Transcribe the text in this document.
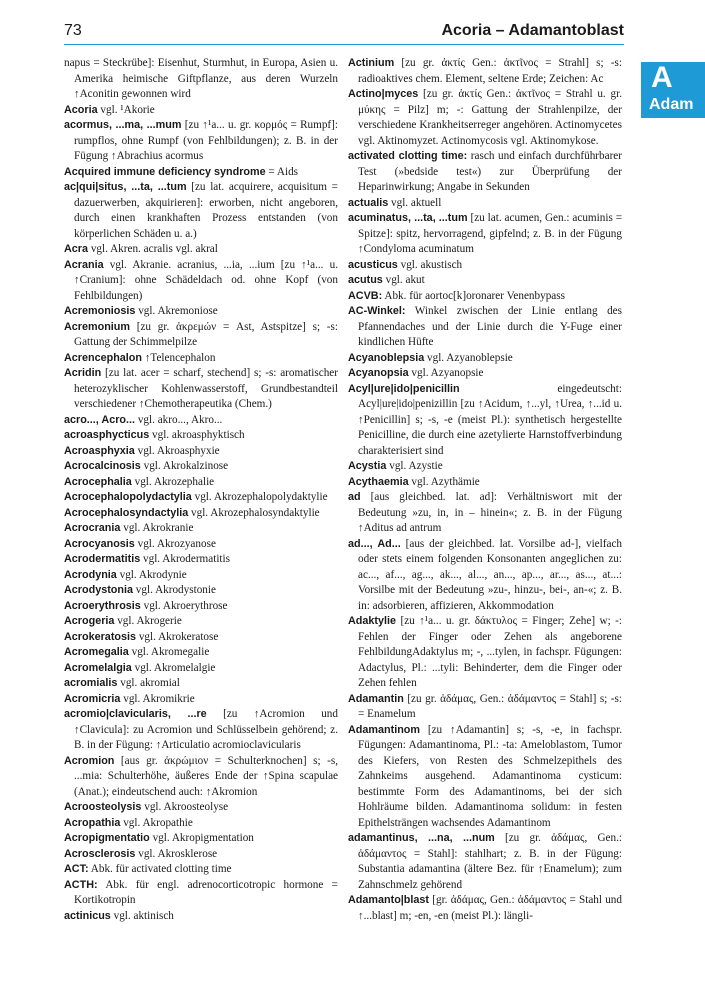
73	Acoria – Adamantoblast
A
Adam

napus = Steckrübe]: Eisenhut, Sturmhut, in Europa, Asien u. Amerika heimische Giftpflanze, aus deren Wurzeln ↑Aconitin gewonnen wird

Acoria vgl. ¹Akorie

acormus, ...ma, ...mum [zu ↑¹a... u. gr. κορμός = Rumpf]: rumpflos, ohne Rumpf (von Fehlbildungen); z. B. in der Fügung ↑Abrachius acormus

Acquired immune deficiency syndrome = Aids

ac|qui|situs, ...ta, ...tum [zu lat. acquirere, acquisitum = dazuerwerben, akquirieren]: erworben, nicht angeboren, durch einen krankhaften Prozess entstanden (von körperlichen Schäden u. a.)

Acra vgl. Akren. acralis vgl. akral

Acrania vgl. Akranie. acranius, ...ia, ...ium [zu ↑¹a... u. ↑Cranium]: ohne Schädeldach od. ohne Kopf (von Fehlbildungen)

Acremoniosis vgl. Akremoniose

Acremonium [zu gr. ἀκρεμών = Ast, Astspitze] s; -s: Gattung der Schimmelpilze

Acrencephalon ↑Telencephalon

Acridin [zu lat. acer = scharf, stechend] s; -s: aromatischer heterozyklischer Kohlenwasserstoff, Grundbestandteil verschiedener ↑Chemotherapeutika (Chem.)

acro..., Acro... vgl. akro..., Akro...

acroasphycticus vgl. akroasphyktisch

Acroasphyxia vgl. Akroasphyxie

Acrocalcinosis vgl. Akrokalzinose

Acrocephalia vgl. Akrozephalie

Acrocephalopolydactylia vgl. Akrozephalopolydaktylie

Acrocephalosyndactylia vgl. Akrozephalosyndaktylie

Acrocrania vgl. Akrokranie

Acrocyanosis vgl. Akrozyanose

Acrodermatitis vgl. Akrodermatitis

Acrodynia vgl. Akrodynie

Acrodystonia vgl. Akrodystonie

Acroerythrosis vgl. Akroerythrose

Acrogeria vgl. Akrogerie

Acrokeratosis vgl. Akrokeratose

Acromegalia vgl. Akromegalie

Acromelalgia vgl. Akromelalgie

acromialis vgl. akromial

Acromicria vgl. Akromikrie

acromio|clavicularis, ...re [zu ↑Acromion und ↑Clavicula]: zu Acromion und Schlüsselbein gehörend; z. B. in der Fügung: ↑Articulatio acromioclavicularis

Acromion [aus gr. ἀκρώμιον = Schulterknochen] s; -s, ...mia: Schulterhöhe, äußeres Ende der ↑Spina scapulae (Anat.); eindeutschend auch: ↑Akromion

Acroosteolysis vgl. Akroosteolyse

Acropathia vgl. Akropathie

Acropigmentatio vgl. Akropigmentation

Acrosclerosis vgl. Akrosklerose

ACT: Abk. für activated clotting time

ACTH: Abk. für engl. adrenocorticotropic hormone = Kortikotropin

actinicus vgl. aktinisch

Actinium [zu gr. ἀκτίς Gen.: ἀκτῖνος = Strahl] s; -s: radioaktives chem. Element, seltene Erde; Zeichen: Ac

Actino|myces [zu gr. ἀκτίς Gen.: ἀκτῖνος = Strahl u. gr. μύκης = Pilz] m; -: Gattung der Strahlenpilze, der verschiedene Krankheitserreger angehören. Actinomycetes vgl. Aktinomyzet. Actinomycosis vgl. Aktinomykose.

activated clotting time: rasch und einfach durchführbarer Test (»bedside test«) zur Überprüfung der Heparinwirkung; Angabe in Sekunden

actualis vgl. aktuell

acuminatus, ...ta, ...tum [zu lat. acumen, Gen.: acuminis = Spitze]: spitz, hervorragend, gipfelnd; z. B. in der Fügung ↑Condyloma acuminatum

acusticus vgl. akustisch

acutus vgl. akut

ACVB: Abk. für aortoc[k]oronarer Venenbypass

AC-Winkel: Winkel zwischen der Linie entlang des Pfannendaches und der Linie durch die Y-Fuge einer kindlichen Hüfte

Acyanoblepsia vgl. Azyanoblepsie

Acyanopsia vgl. Azyanopsie

Acyl|ure|ido|penicillin eingedeutscht: Acyl|ure|ido|penizillin [zu ↑Acidum, ↑...yl, ↑Urea, ↑...id u. ↑Penicillin] s; -s, -e (meist Pl.): synthetisch hergestellte Penicilline, die durch eine azetylierte Harnstoffverbindung charakterisiert sind

Acystia vgl. Azystie

Acythaemia vgl. Azythämie

ad [aus gleichbed. lat. ad]: Verhältniswort mit der Bedeutung »zu, in, in – hinein«; z. B. in der Fügung ↑Aditus ad antrum

ad..., Ad... [aus der gleichbed. lat. Vorsilbe ad-], vielfach oder stets einem folgenden Konsonanten angeglichen zu: ac..., af..., ag..., ak..., al..., an..., ap..., ar..., as..., at...: Vorsilbe mit der Bedeutung »zu-, hinzu-, bei-, an-«; z. B. in: adsorbieren, affizieren, Akkommodation

Adaktylie [zu ↑¹a... u. gr. δάκτυλος = Finger; Zehe] w; -: Fehlen der Finger oder Zehen als angeborene FehlbildungAdaktylus m; -, ...tylen, in fachspr. Fügungen: Adactylus, Pl.: ...tyli: Behinderter, dem die Finger oder Zehen fehlen

Adamantin [zu gr. ἀδάμας, Gen.: ἀδάμαντος = Stahl] s; -s: = Enamelum

Adamantinom [zu ↑Adamantin] s; -s, -e, in fachspr. Fügungen: Adamantinoma, Pl.: -ta: Ameloblastom, Tumor des Kiefers, von Resten des Schmelzepithels des Zahnkeims ausgehend. Adamantinoma cysticum: bestimmte Form des Adamantinoms, bei der sich Hohlräume bilden. Adamantinoma solidum: in festen Epithelsträngen wachsendes Adamantinom

adamantinus, ...na, ...num [zu gr. ἀδάμας, Gen.: ἀδάμαντος = Stahl]: stahlhart; z. B. in der Fügung: Substantia adamantina (ältere Bez. für ↑Enamelum); zum Zahnschmelz gehörend

Adamanto|blast [gr. ἀδάμας, Gen.: ἀδάμαντος = Stahl und ↑...blast] m; -en, -en (meist Pl.): längli-
